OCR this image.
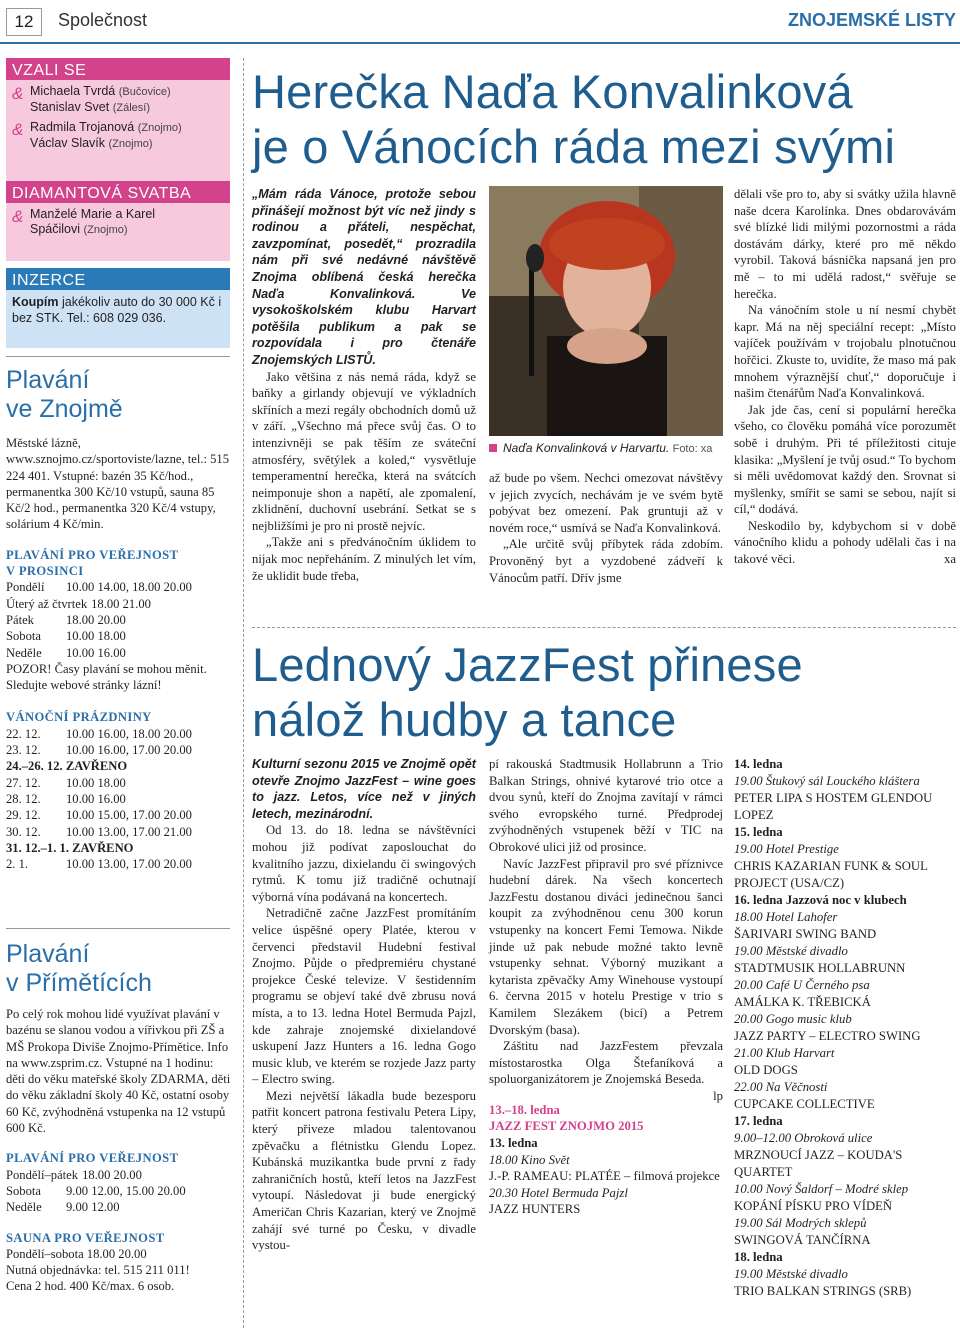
12	Společnost	ZNOJEMSKÉ LISTY
VZALI SE
& Michaela Tvrdá (Bučovice)
Stanislav Svet (Zálesí)
& Radmila Trojanová (Znojmo)
Václav Slavík (Znojmo)
DIAMANTOVÁ SVATBA
& Manželé Marie a Karel
Spáčilovi (Znojmo)
INZERCE
Koupím jakékoliv auto do 30 000 Kč i bez STK. Tel.: 608 029 036.
Plavání
ve Znojmě
Městské lázně, www.sznojmo.cz/sportoviste/lazne, tel.: 515 224 401. Vstupné: bazén 35 Kč/hod., permanentka 300 Kč/10 vstupů, sauna 85 Kč/2 hod., permanentka 320 Kč/4 vstupy, solárium 4 Kč/min.
PLAVÁNÍ PRO VEŘEJNOST
V PROSINCI
Pondělí	10.00 14.00, 18.00 20.00
Úterý až čtvrtek 18.00 21.00
Pátek	18.00 20.00
Sobota	10.00 18.00
Neděle	10.00 16.00
POZOR! Časy plavání se mohou měnit. Sledujte webové stránky lázní!
VÁNOČNÍ PRÁZDNINY
22. 12.	10.00 16.00, 18.00 20.00
23. 12.	10.00 16.00, 17.00 20.00
24.–26. 12. ZAVŘENO
27. 12.	10.00 18.00
28. 12.	10.00 16.00
29. 12.	10.00 15.00, 17.00 20.00
30. 12.	10.00 13.00, 17.00 21.00
31. 12.–1. 1. ZAVŘENO
2. 1.	10.00 13.00, 17.00 20.00
Plavání
v Přímětících
Po celý rok mohou lidé využívat plavání v bazénu se slanou vodou a vířivkou při ZŠ a MŠ Prokopa Diviše Znojmo-Přímětice. Info na www.zsprim.cz. Vstupné na 1 hodinu: děti do věku mateřské školy ZDARMA, děti do věku základní školy 40 Kč, ostatní osoby 60 Kč, zvýhodněná vstupenka na 12 vstupů 600 Kč.
PLAVÁNÍ PRO VEŘEJNOST
Pondělí–pátek 18.00 20.00
Sobota	9.00 12.00, 15.00 20.00
Neděle	9.00 12.00
SAUNA PRO VEŘEJNOST
Pondělí–sobota 18.00 20.00
Nutná objednávka: tel. 515 211 011!
Cena 2 hod. 400 Kč/max. 6 osob.
Herečka Naďa Konvalinková
je o Vánocích ráda mezi svými
„Mám ráda Vánoce, protože sebou přinášejí možnost být víc než jindy s rodinou a přáteli, nespěchat, zavzpomínat, posedět,“ prozradila nám při své nedávné návštěvě Znojma oblíbená česká herečka Naďa Konvalinková. Ve vysokoškolském klubu Harvart potěšila publikum a pak se rozpovídala i pro čtenáře Znojemských LISTŮ.
Jako většina z nás nemá ráda, když se baňky a girlandy objevují ve výkladních skříních a mezi regály obchodních domů už v září. „Všechno má přece svůj čas. O to intenzivněji se pak těším ze sváteční atmosféry, světýlek a koled,“ vysvětluje temperamentní herečka, která na svátcích neimponuje shon a napětí, ale zpomalení, zklidnění, duchovní usebrání. Setkat se s nejbližšími je pro ni prostě nejvíc.
„Takže ani s předvánočním úklidem to nijak moc nepřeháním. Z minulých let vím, že uklidit bude třeba,
Naďa Konvalinková v Harvartu. Foto: xa
až bude po všem. Nechci omezovat návštěvy v jejich zvycích, nechávám je ve svém bytě pobývat bez omezení. Pak gruntuji až v novém roce,“ usmívá se Naďa Konvalinková.
„Ale určitě svůj příbytek ráda zdobím. Provoněný byt a vyzdobené zádveří k Vánocům patří. Dřív jsme
dělali vše pro to, aby si svátky užila hlavně naše dcera Karolínka. Dnes obdarovávám své blízké lidi milými pozornostmi a ráda dostávám dárky, které pro mě někdo vyrobil. Taková básnička napsaná jen pro mě – to mi udělá radost,“ svěřuje se herečka.
Na vánočním stole u ní nesmí chybět kapr. Má na něj speciální recept: „Místo vajíček používám v trojobalu plnotučnou hořčici. Zkuste to, uvidíte, že maso má pak mnohem výraznější chuť,“ doporučuje i našim čtenářům Naďa Konvalinková.
Jak jde čas, cení si populární herečka všeho, co člověku pomáhá více porozumět sobě i druhým. Při té příležitosti cituje klasika: „Myšlení je tvůj osud.“ To bychom si měli uvědomovat každý den. Srovnat si myšlenky, smířit se sami se sebou, najít si cíl,“ dodává.
Neskodilo by, kdybychom si v době vánočního klidu a pohody udělali čas i na takové věci.	xa
Lednový JazzFest přinese
nálož hudby a tance
Kulturní sezonu 2015 ve Znojmě opět otevře Znojmo JazzFest – wine goes to jazz. Letos, více než v jiných letech, mezinárodní.
Od 13. do 18. ledna se návštěvníci mohou již podívat zaposlouchat do kvalitního jazzu, dixielandu či swingových rytmů. K tomu již tradičně ochutnají výborná vína podávaná na koncertech.
Netradičně začne JazzFest promítáním velice úspěšné opery Platée, kterou v červenci představil Hudební festival Znojmo. Půjde o předpremiéru chystané projekce České televize. V šestidenním programu se objeví také dvě zbrusu nová místa, a to 13. ledna Hotel Bermuda Pajzl, kde zahraje znojemské dixielandové uskupení Jazz Hunters a 16. ledna Gogo music klub, ve kterém se rozjede Jazz party – Electro swing.
Mezi největší lákadla bude bezesporu patřit koncert patrona festivalu Petera Lipy, který přiveze mladou talentovanou zpěvačku a flétnistku Glendu Lopez. Kubánská muzikantka bude první z řady zahraničních hostů, kteří letos na JazzFest vytoupí. Následovat ji bude energický Američan Chris Kazarian, který ve Znojmě zahájí své turné po Česku, v divadle vystou-
pí rakouská Stadtmusik Hollabrunn a Trio Balkan Strings, ohnivé kytarové trio otce a dvou synů, kteří do Znojma zavítají v rámci svého evropského turné. Předprodej zvýhodněných vstupenek běží v TIC na Obrokové ulici již od prosince.
Navíc JazzFest připravil pro své příznivce hudební dárek. Na všech koncertech JazzFestu dostanou diváci jedinečnou šanci koupit za zvýhodněnou cenu 300 korun vstupenky na koncert Femi Temowa. Nikde jinde už pak nebude možné takto levně vstupenky sehnat. Výborný muzikant a kytarista zpěvačky Amy Winehouse vystoupí 6. června 2015 v hotelu Prestige v trio s Kamilem Slezákem (bicí) a Petrem Dvorským (basa).
Záštitu nad JazzFestem převzala místostarostka Olga Štefaníková a spoluorganizátorem je Znojemská Beseda.
lp
13.–18. ledna
JAZZ FEST ZNOJMO 2015
13. ledna
18.00 Kino Svět
J.-P. RAMEAU: PLATÉE – filmová projekce
20.30 Hotel Bermuda Pajzl
JAZZ HUNTERS
14. ledna
19.00 Štukový sál Louckého kláštera
PETER LIPA S HOSTEM GLENDOU LOPEZ
15. ledna
19.00 Hotel Prestige
CHRIS KAZARIAN FUNK & SOUL PROJECT (USA/CZ)
16. ledna Jazzová noc v klubech
18.00 Hotel Lahofer
ŠARIVARI SWING BAND
19.00 Městské divadlo
STADTMUSIK HOLLABRUNN
20.00 Café U Černého psa
AMÁLKA K. TŘEBICKÁ
20.00 Gogo music klub
JAZZ PARTY – ELECTRO SWING
21.00 Klub Harvart
OLD DOGS
22.00 Na Věčnosti
CUPCAKE COLLECTIVE
17. ledna
9.00–12.00 Obroková ulice
MRZNOUCÍ JAZZ – KOUDA'S QUARTET
10.00 Nový Šaldorf – Modré sklep
KOPÁNÍ PÍSKU PRO VÍDEŇ
19.00 Sál Modrých sklepů
SWINGOVÁ TANČÍRNA
18. ledna
19.00 Městské divadlo
TRIO BALKAN STRINGS (SRB)
